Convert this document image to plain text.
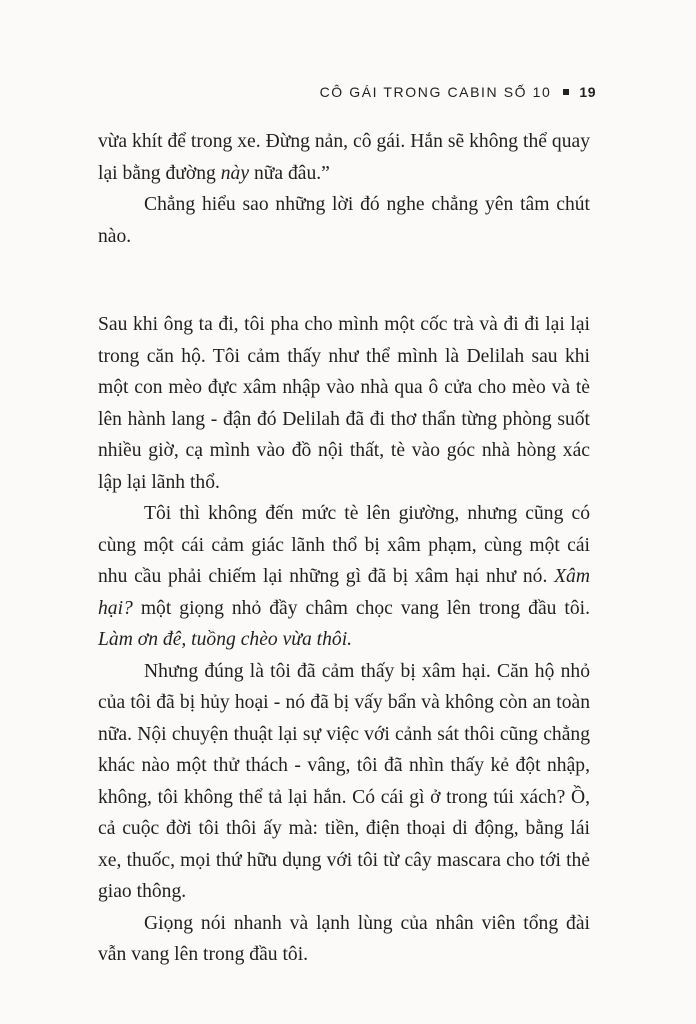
CÔ GÁI TRONG CABIN SỐ 10 19

vừa khít để trong xe. Đừng nản, cô gái. Hắn sẽ không thể quay lại bằng đường này nữa đâu.”

Chẳng hiểu sao những lời đó nghe chẳng yên tâm chút nào.

Sau khi ông ta đi, tôi pha cho mình một cốc trà và đi đi lại lại trong căn hộ. Tôi cảm thấy như thể mình là Delilah sau khi một con mèo đực xâm nhập vào nhà qua ô cửa cho mèo và tè lên hành lang - đận đó Delilah đã đi thơ thẩn từng phòng suốt nhiều giờ, cạ mình vào đồ nội thất, tè vào góc nhà hòng xác lập lại lãnh thổ.

Tôi thì không đến mức tè lên giường, nhưng cũng có cùng một cái cảm giác lãnh thổ bị xâm phạm, cùng một cái nhu cầu phải chiếm lại những gì đã bị xâm hại như nó. Xâm hại? một giọng nhỏ đầy châm chọc vang lên trong đầu tôi. Làm ơn đê, tuồng chèo vừa thôi.

Nhưng đúng là tôi đã cảm thấy bị xâm hại. Căn hộ nhỏ của tôi đã bị hủy hoại - nó đã bị vấy bẩn và không còn an toàn nữa. Nội chuyện thuật lại sự việc với cảnh sát thôi cũng chẳng khác nào một thử thách - vâng, tôi đã nhìn thấy kẻ đột nhập, không, tôi không thể tả lại hắn. Có cái gì ở trong túi xách? Ồ, cả cuộc đời tôi thôi ấy mà: tiền, điện thoại di động, bằng lái xe, thuốc, mọi thứ hữu dụng với tôi từ cây mascara cho tới thẻ giao thông.

Giọng nói nhanh và lạnh lùng của nhân viên tổng đài vẫn vang lên trong đầu tôi.
